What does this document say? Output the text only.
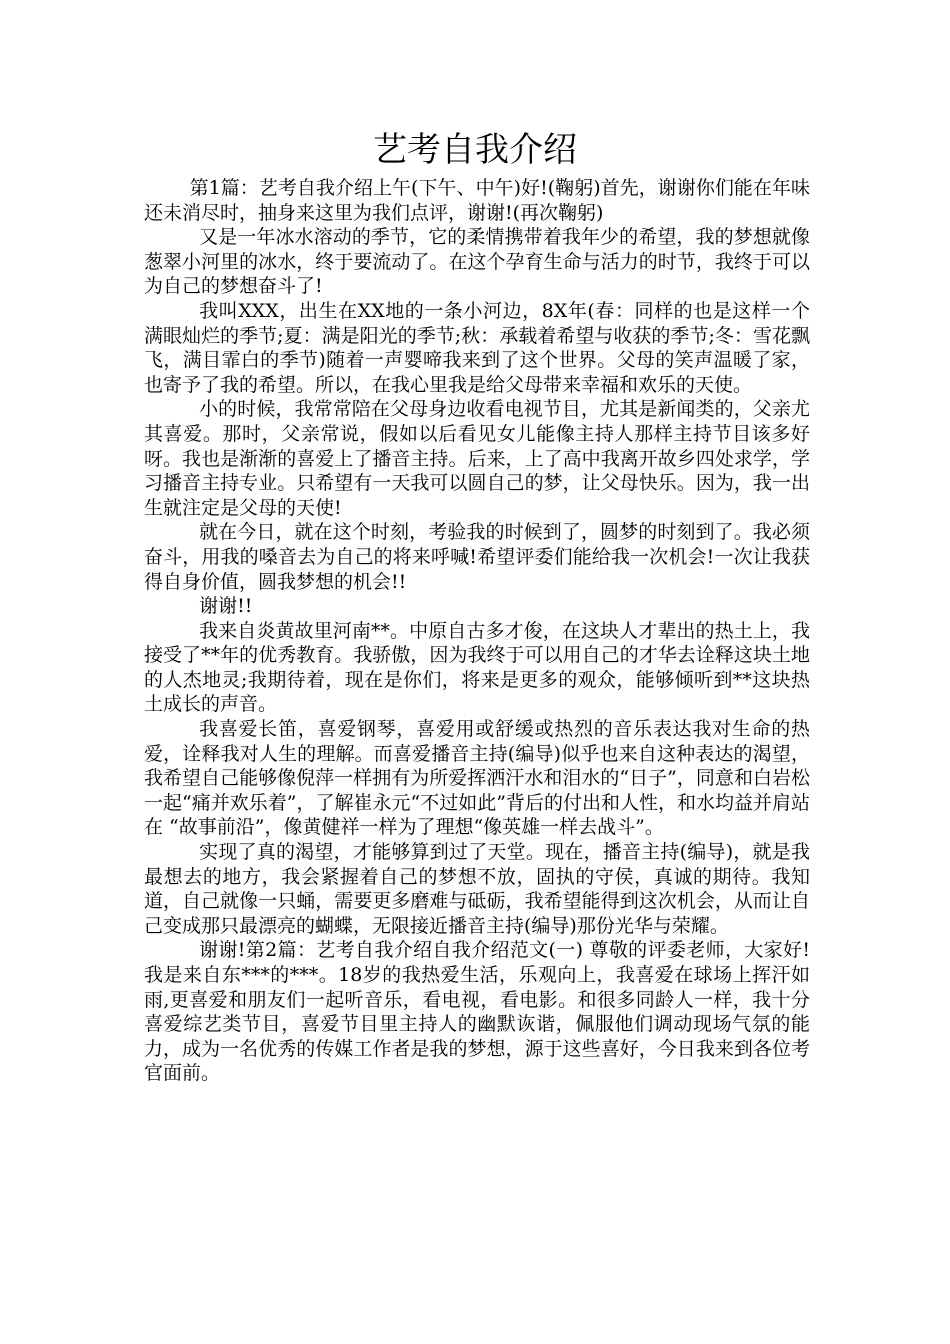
艺考自我介绍

第1篇：艺考自我介绍上午(下午、中午)好!(鞠躬)首先，谢谢你们能在年味还未消尽时，抽身来这里为我们点评，谢谢!(再次鞠躬)

又是一年冰水溶动的季节，它的柔情携带着我年少的希望，我的梦想就像葱翠小河里的冰水，终于要流动了。在这个孕育生命与活力的时节，我终于可以为自己的梦想奋斗了!

我叫XXX，出生在XX地的一条小河边，8X年(春：同样的也是这样一个满眼灿烂的季节;夏：满是阳光的季节;秋：承载着希望与收获的季节;冬：雪花飘飞，满目霏白的季节)随着一声婴啼我来到了这个世界。父母的笑声温暖了家，也寄予了我的希望。所以，在我心里我是给父母带来幸福和欢乐的天使。

小的时候，我常常陪在父母身边收看电视节目，尤其是新闻类的，父亲尤其喜爱。那时，父亲常说，假如以后看见女儿能像主持人那样主持节目该多好呀。我也是渐渐的喜爱上了播音主持。后来，上了高中我离开故乡四处求学，学习播音主持专业。只希望有一天我可以圆自己的梦，让父母快乐。因为，我一出生就注定是父母的天使!

就在今日，就在这个时刻，考验我的时候到了，圆梦的时刻到了。我必须奋斗，用我的嗓音去为自己的将来呼喊!希望评委们能给我一次机会!一次让我获得自身价值，圆我梦想的机会!!

谢谢!!

我来自炎黄故里河南**。中原自古多才俊，在这块人才辈出的热土上，我接受了**年的优秀教育。我骄傲，因为我终于可以用自己的才华去诠释这块土地的人杰地灵;我期待着，现在是你们，将来是更多的观众，能够倾听到**这块热土成长的声音。

我喜爱长笛，喜爱钢琴，喜爱用或舒缓或热烈的音乐表达我对生命的热爱，诠释我对人生的理解。而喜爱播音主持(编导)似乎也来自这种表达的渴望，我希望自己能够像倪萍一样拥有为所爱挥洒汗水和泪水的“日子”，同意和白岩松一起“痛并欢乐着”，了解崔永元“不过如此”背后的付出和人性，和水均益并肩站在 “故事前沿”，像黄健祥一样为了理想“像英雄一样去战斗”。

实现了真的渴望，才能够算到过了天堂。现在，播音主持(编导)，就是我最想去的地方，我会紧握着自己的梦想不放，固执的守侯，真诚的期待。我知道，自己就像一只蛹，需要更多磨难与砥砺，我希望能得到这次机会，从而让自己变成那只最漂亮的蝴蝶，无限接近播音主持(编导)那份光华与荣耀。

谢谢!第2篇：艺考自我介绍自我介绍范文(一) 尊敬的评委老师，大家好!我是来自东***的***。18岁的我热爱生活，乐观向上，我喜爱在球场上挥汗如雨,更喜爱和朋友们一起听音乐，看电视，看电影。和很多同龄人一样，我十分喜爱综艺类节目，喜爱节目里主持人的幽默诙谐，佩服他们调动现场气氛的能力，成为一名优秀的传媒工作者是我的梦想，源于这些喜好，今日我来到各位考官面前。
